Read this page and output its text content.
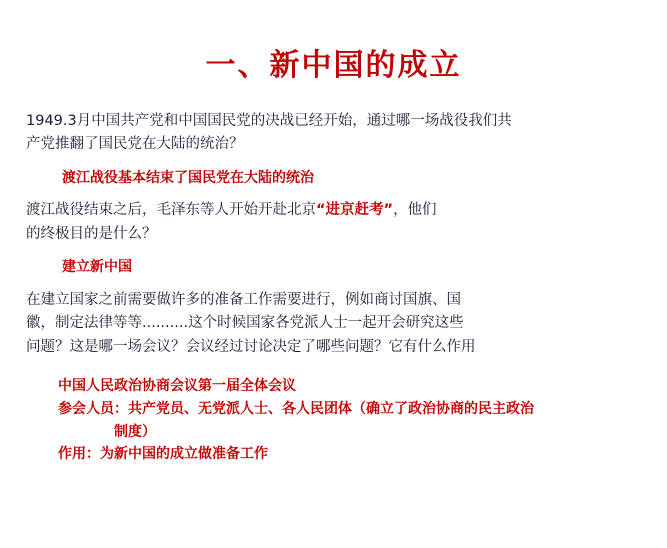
一、新中国的成立

1949.3月中国共产党和中国国民党的决战已经开始，通过哪一场战役我们共
产党推翻了国民党在大陆的统治？

渡江战役基本结束了国民党在大陆的统治

渡江战役结束之后，毛泽东等人开始开赴北京“进京赶考”，他们
的终极目的是什么？

建立新中国

在建立国家之前需要做许多的准备工作需要进行，例如商讨国旗、国
徽，制定法律等等..........这个时候国家各党派人士一起开会研究这些
问题？这是哪一场会议？会议经过讨论决定了哪些问题？它有什么作用

中国人民政治协商会议第一届全体会议
参会人员：共产党员、无党派人士、各人民团体（确立了政治协商的民主政治
制度）
作用：为新中国的成立做准备工作
